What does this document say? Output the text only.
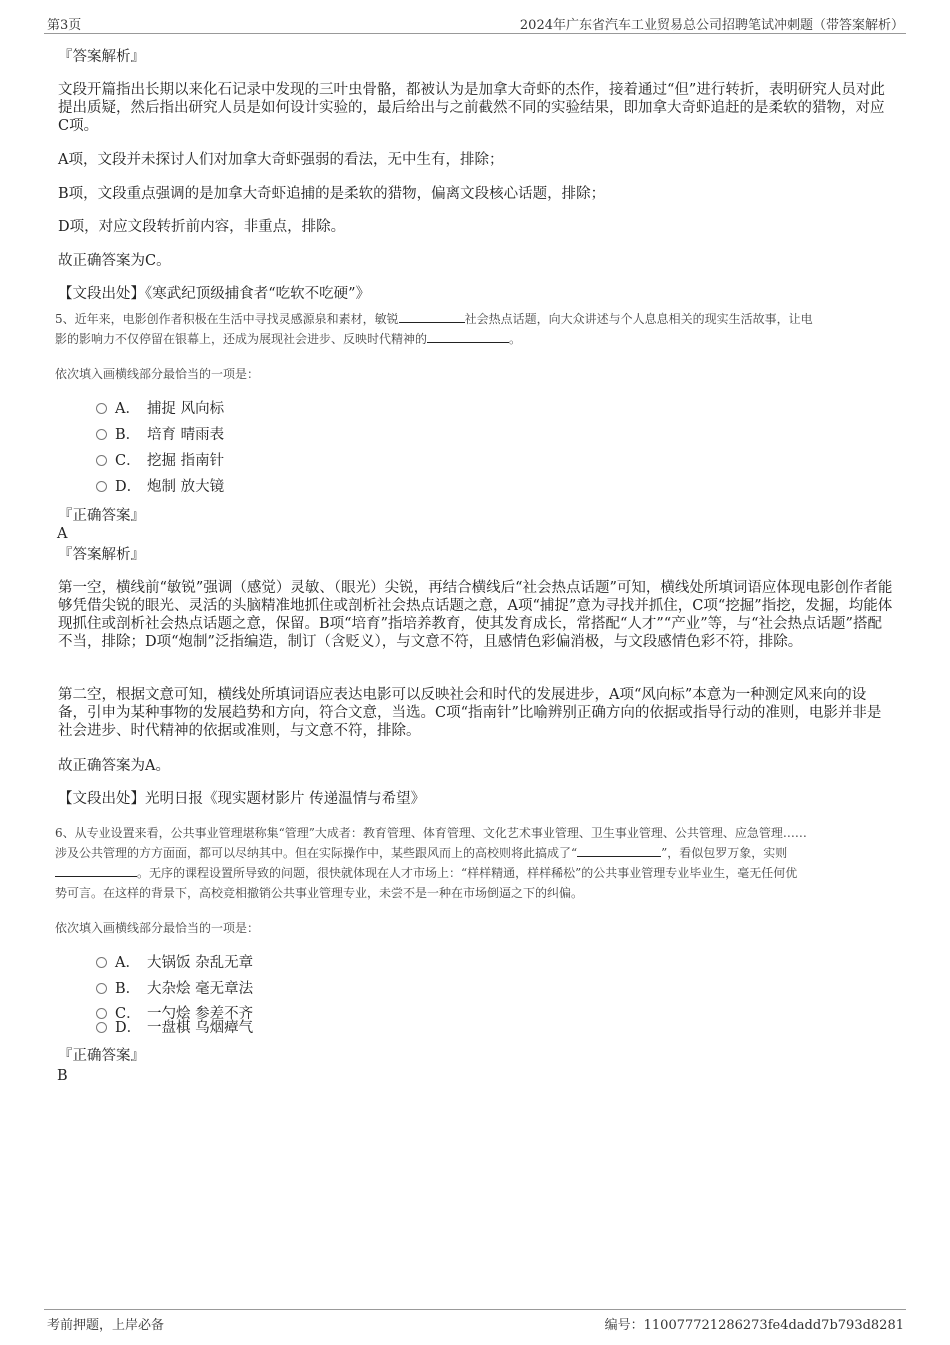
第3页	2024年广东省汽车工业贸易总公司招聘笔试冲刺题（带答案解析）
『答案解析』
文段开篇指出长期以来化石记录中发现的三叶虫骨骼，都被认为是加拿大奇虾的杰作，接着通过“但”进行转折，表明研究人员对此提出质疑，然后指出研究人员是如何设计实验的，最后给出与之前截然不同的实验结果，即加拿大奇虾追赶的是柔软的猎物，对应C项。
A项，文段并未探讨人们对加拿大奇虾强弱的看法，无中生有，排除；
B项，文段重点强调的是加拿大奇虾追捕的是柔软的猎物，偏离文段核心话题，排除；
D项，对应文段转折前内容，非重点，排除。
故正确答案为C。
【文段出处】《寒武纪顶级捕食者“吃软不吃硬”》
5、近年来，电影创作者积极在生活中寻找灵感源泉和素材，敏锐	社会热点话题，向大众讲述与个人息息相关的现实生活故事，让电
影的影响力不仅停留在银幕上，还成为展现社会进步、反映时代精神的	。
依次填入画横线部分最恰当的一项是：
A． 捕捉 风向标
B． 培育 晴雨表
C． 挖掘 指南针
D． 炮制 放大镜
『正确答案』
A
『答案解析』
第一空，横线前“敏锐”强调（感觉）灵敏、（眼光）尖锐，再结合横线后“社会热点话题”可知，横线处所填词语应体现电影创作者能够凭借尖锐的眼光、灵活的头脑精准地抓住或剖析社会热点话题之意，A项“捕捉”意为寻找并抓住，C项“挖掘”指挖，发掘，均能体现抓住或剖析社会热点话题之意，保留。B项“培育”指培养教育，使其发育成长，常搭配“人才”“产业”等，与“社会热点话题”搭配不当，排除；D项“炮制”泛指编造，制订（含贬义），与文意不符，且感情色彩偏消极，与文段感情色彩不符，排除。
第二空，根据文意可知，横线处所填词语应表达电影可以反映社会和时代的发展进步，A项“风向标”本意为一种测定风来向的设备，引申为某种事物的发展趋势和方向，符合文意，当选。C项“指南针”比喻辨别正确方向的依据或指导行动的准则，电影并非是社会进步、时代精神的依据或准则，与文意不符，排除。
故正确答案为A。
【文段出处】光明日报《现实题材影片 传递温情与希望》
6、从专业设置来看，公共事业管理堪称集“管理”大成者：教育管理、体育管理、文化艺术事业管理、卫生事业管理、公共管理、应急管理……
涉及公共管理的方方面面，都可以尽纳其中。但在实际操作中，某些跟风而上的高校则将此搞成了“	”，看似包罗万象，实则
。无序的课程设置所导致的问题，很快就体现在人才市场上：“样样精通，样样稀松”的公共事业管理专业毕业生，毫无任何优
势可言。在这样的背景下，高校竞相撤销公共事业管理专业，未尝不是一种在市场倒逼之下的纠偏。
依次填入画横线部分最恰当的一项是：
A． 大锅饭 杂乱无章
B． 大杂烩 毫无章法
C． 一勺烩 参差不齐
D． 一盘棋 乌烟瘴气
『正确答案』
B
考前押题，上岸必备	编号：110077721286273fe4dadd7b793d8281
